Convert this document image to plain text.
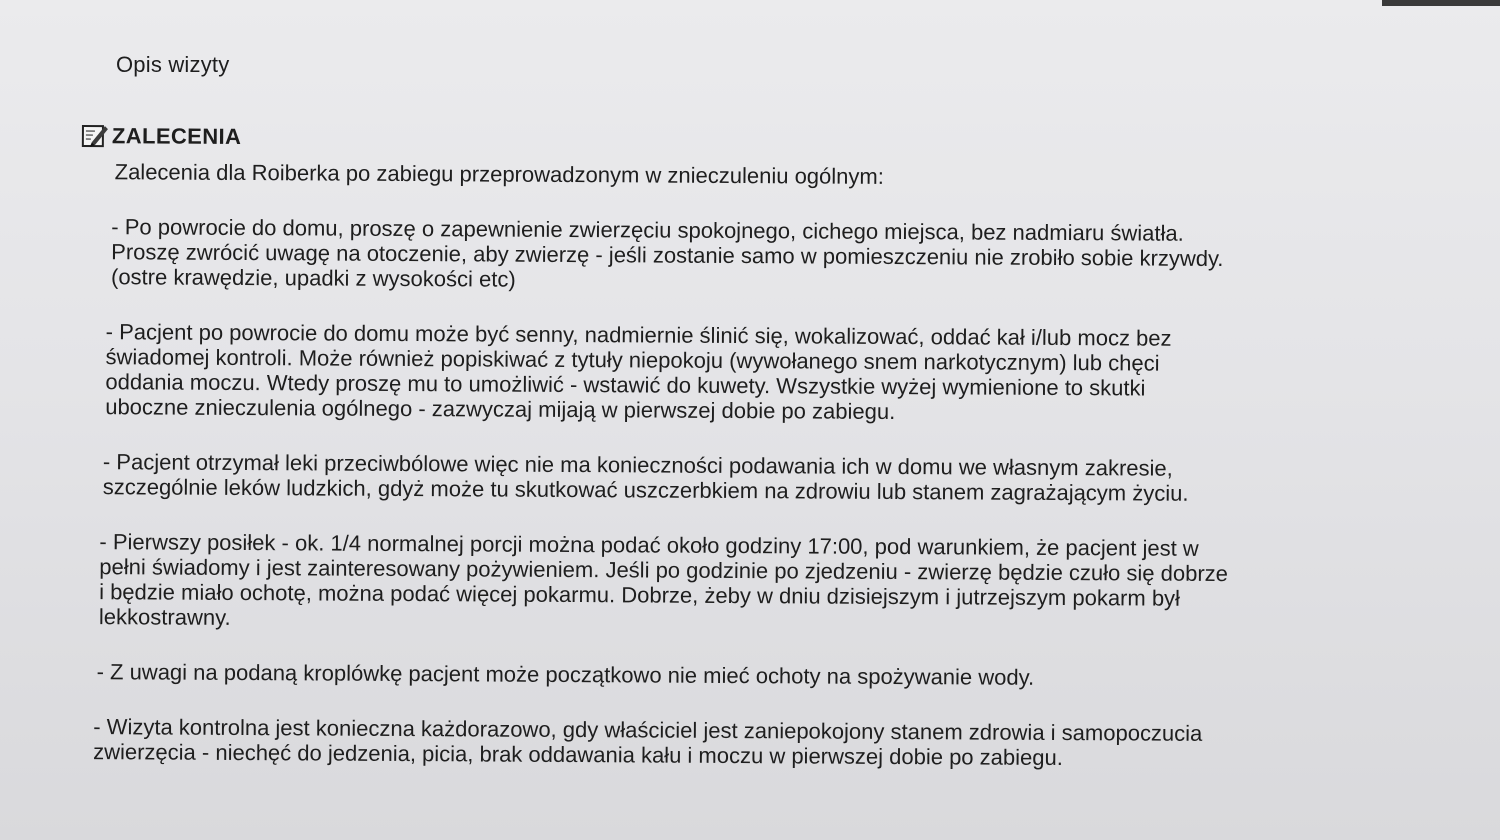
Opis wizyty
ZALECENIA
Zalecenia dla Roiberka po zabiegu przeprowadzonym w znieczuleniu ogólnym:
- Po powrocie do domu, proszę o zapewnienie zwierzęciu spokojnego, cichego miejsca, bez nadmiaru światła.
Proszę zwrócić uwagę na otoczenie, aby zwierzę - jeśli zostanie samo w pomieszczeniu nie zrobiło sobie krzywdy.
(ostre krawędzie, upadki z wysokości etc)
- Pacjent po powrocie do domu może być senny, nadmiernie ślinić się, wokalizować, oddać kał i/lub mocz bez
świadomej kontroli. Może również popiskiwać z tytuły niepokoju (wywołanego snem narkotycznym) lub chęci
oddania moczu. Wtedy proszę mu to umożliwić - wstawić do kuwety. Wszystkie wyżej wymienione to skutki
uboczne znieczulenia ogólnego - zazwyczaj mijają w pierwszej dobie po zabiegu.
- Pacjent otrzymał leki przeciwbólowe więc nie ma konieczności podawania ich w domu we własnym zakresie,
szczególnie leków ludzkich, gdyż może tu skutkować uszczerbkiem na zdrowiu lub stanem zagrażającym życiu.
- Pierwszy posiłek - ok. 1/4 normalnej porcji można podać około godziny 17:00, pod warunkiem, że pacjent jest w
pełni świadomy i jest zainteresowany pożywieniem. Jeśli po godzinie po zjedzeniu - zwierzę będzie czuło się dobrze
i będzie miało ochotę, można podać więcej pokarmu. Dobrze, żeby w dniu dzisiejszym i jutrzejszym pokarm był
lekkostrawny.
- Z uwagi na podaną kroplówkę pacjent może początkowo nie mieć ochoty na spożywanie wody.
- Wizyta kontrolna jest konieczna każdorazowo, gdy właściciel jest zaniepokojony stanem zdrowia i samopoczucia
zwierzęcia - niechęć do jedzenia, picia, brak oddawania kału i moczu w pierwszej dobie po zabiegu.
